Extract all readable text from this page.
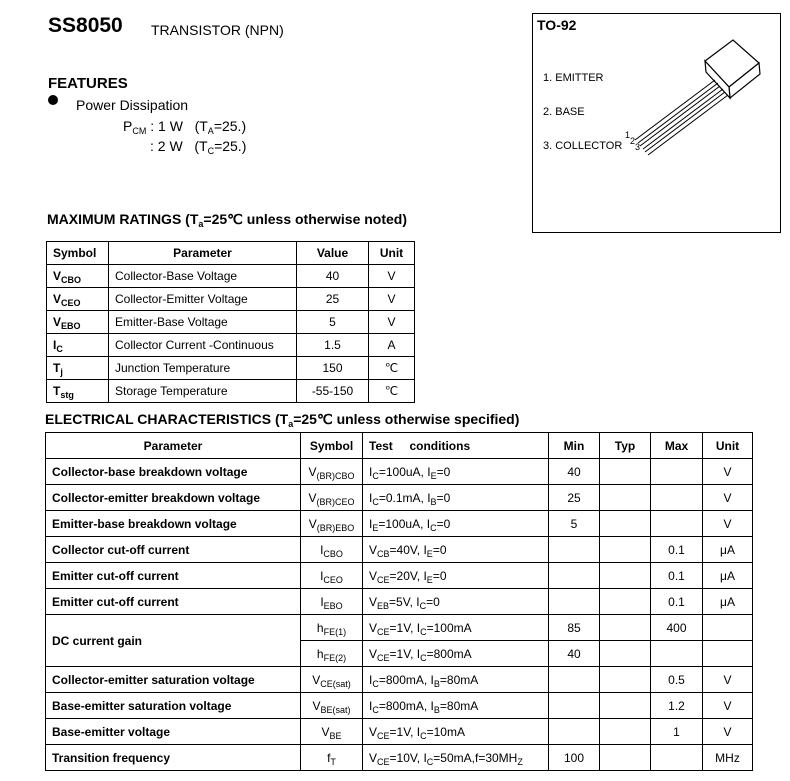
SS8050 TRANSISTOR (NPN)
FEATURES
Power Dissipation
$P_{CM}$ : 1 W $(T_A=25.)$
: 2 W $(T_C=25.)$
TO-92
1. EMITTER
2. BASE
3. COLLECTOR
1
2
3
MAXIMUM RATINGS ($T_a=25℃$ unless otherwise noted)
Symbol	Parameter	Value	Unit
$V_{CBO}$	Collector-Base Voltage	40	V
$V_{CEO}$	Collector-Emitter Voltage	25	V
$V_{EBO}$	Emitter-Base Voltage	5	V
$I_C$	Collector Current -Continuous	1.5	A
$T_j$	Junction Temperature	150	℃
$T_{stg}$	Storage Temperature	-55-150	℃
ELECTRICAL CHARACTERISTICS ($T_a=25℃$ unless otherwise specified)
Parameter	Symbol	Test     conditions	Min	Typ	Max	Unit
Collector-base breakdown voltage	$V_{(BR)CBO}$	$I_C=100uA$, $I_E=0$	40			V
Collector-emitter breakdown voltage	$V_{(BR)CEO}$	$I_C=0.1mA$, $I_B=0$	25			V
Emitter-base breakdown voltage	$V_{(BR)EBO}$	$I_E=100uA$, $I_C=0$	5			V
Collector cut-off current	$I_{CBO}$	$V_{CB}=40V$, $I_E=0$			0.1	μA
Emitter cut-off current	$I_{CEO}$	$V_{CE}=20V$, $I_E=0$			0.1	μA
Emitter cut-off current	$I_{EBO}$	$V_{EB}=5V$, $I_C=0$			0.1	μA
DC current gain	$h_{FE(1)}$	$V_{CE}=1V$, $I_C=100mA$	85		400	
	$h_{FE(2)}$	$V_{CE}=1V$, $I_C=800mA$	40			
Collector-emitter saturation voltage	$V_{CE(sat)}$	$I_C=800mA$, $I_B=80mA$			0.5	V
Base-emitter saturation voltage	$V_{BE(sat)}$	$I_C=800mA$, $I_B=80mA$			1.2	V
Base-emitter voltage	$V_{BE}$	$V_{CE}=1V$, $I_C=10mA$			1	V
Transition frequency	$f_T$	$V_{CE}=10V$, $I_C=50mA,f=30MH_Z$	100			MHz
